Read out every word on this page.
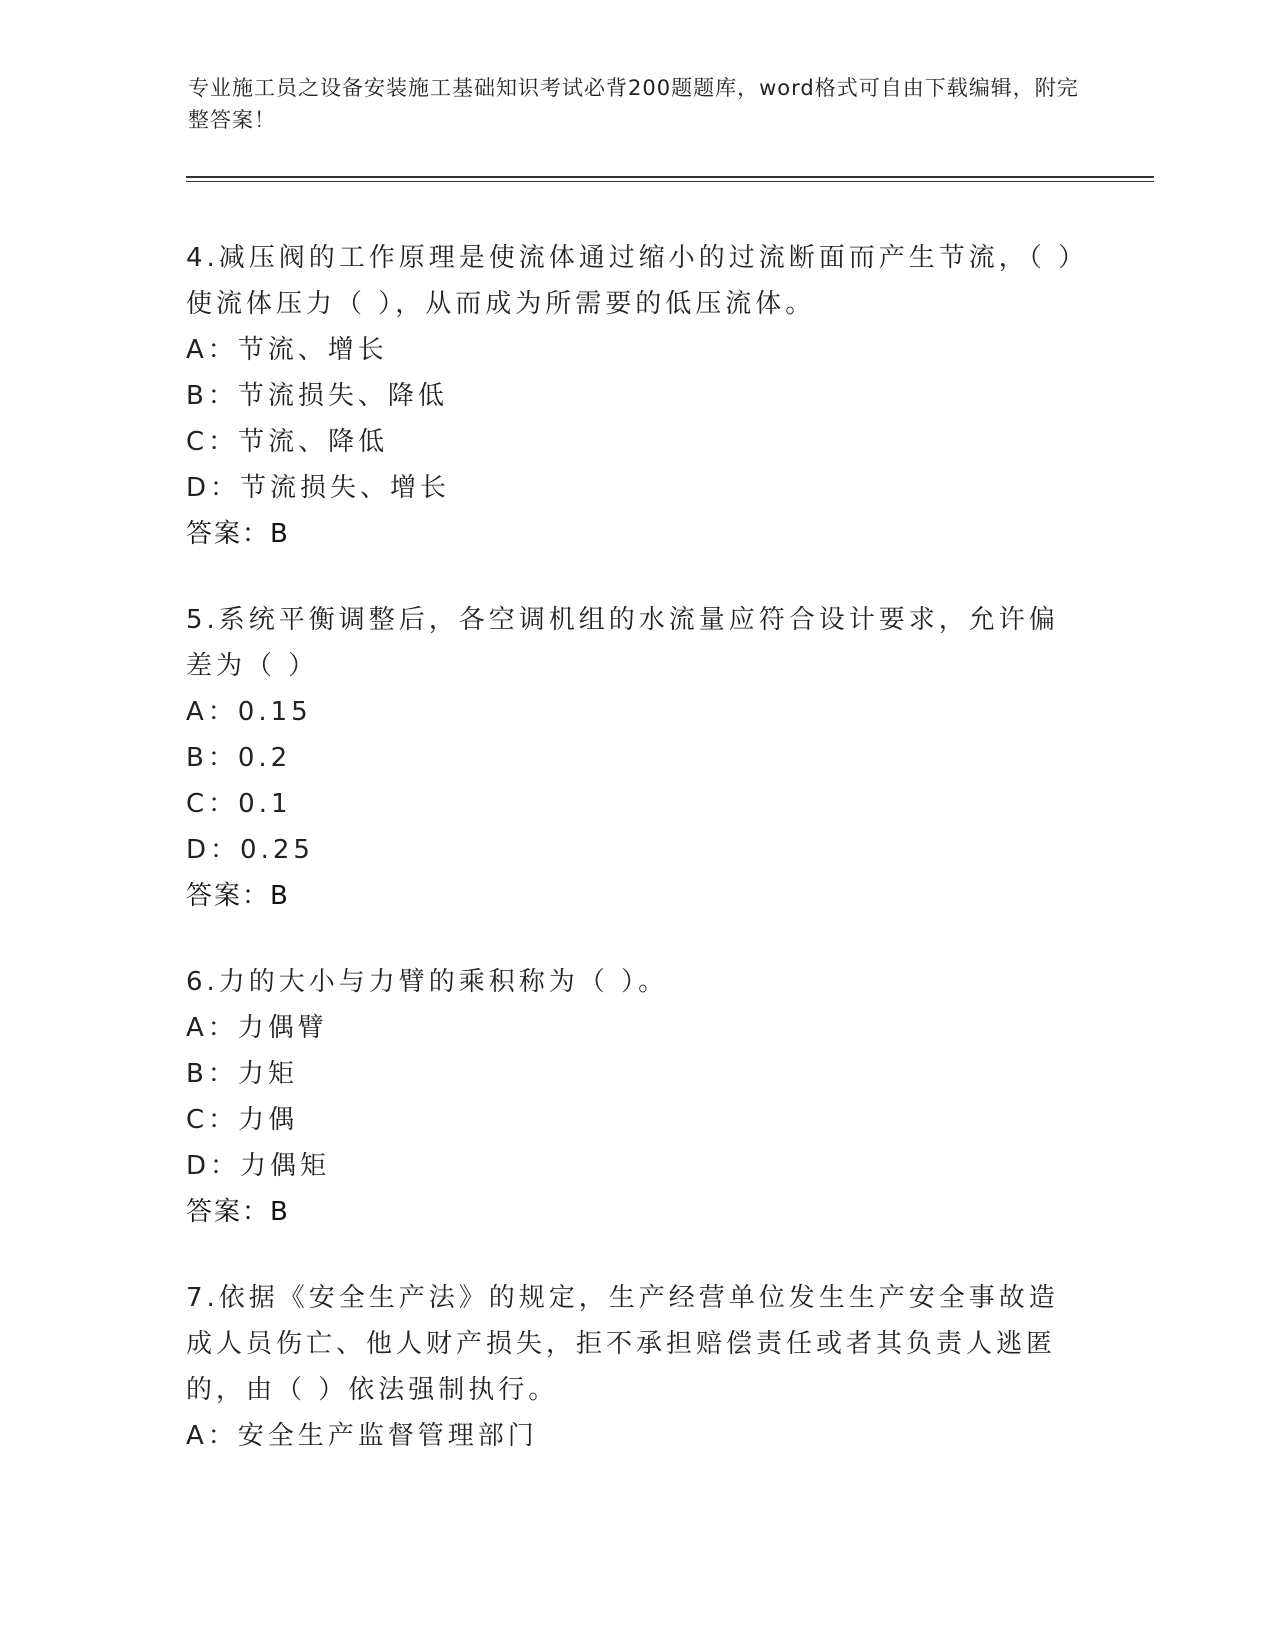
专业施工员之设备安装施工基础知识考试必背200题题库，word格式可自由下载编辑，附完整答案！
4.减压阀的工作原理是使流体通过缩小的过流断面而产生节流，（ ）使流体压力（ ），从而成为所需要的低压流体。
A：节流、增长
B：节流损失、降低
C：节流、降低
D：节流损失、增长
答案：B
5.系统平衡调整后，各空调机组的水流量应符合设计要求，允许偏差为（ ）
A：0.15
B：0.2
C：0.1
D：0.25
答案：B
6.力的大小与力臂的乘积称为（ ）。
A：力偶臂
B：力矩
C：力偶
D：力偶矩
答案：B
7.依据《安全生产法》的规定，生产经营单位发生生产安全事故造成人员伤亡、他人财产损失，拒不承担赔偿责任或者其负责人逃匿的，由（ ）依法强制执行。
A：安全生产监督管理部门
